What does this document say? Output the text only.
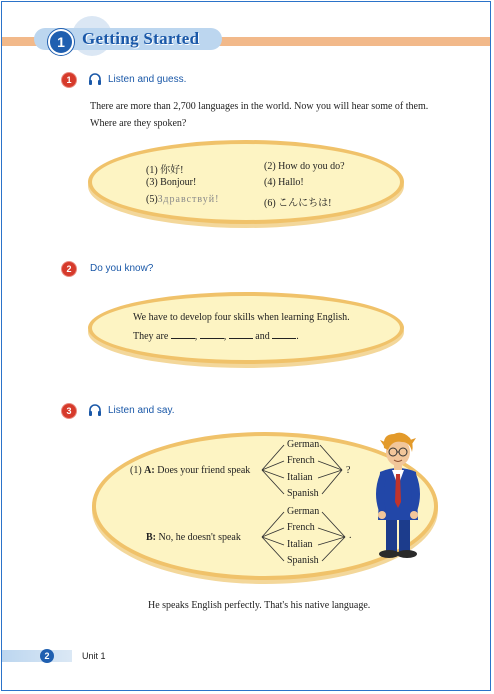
1	Getting Started
1	Listen and guess.
There are more than 2,700 languages in the world. Now you will hear some of them. Where are they spoken?
(1) 你好!	(2) How do you do?
(3) Bonjour!	(4) Hallo!
(5)Здравствуй!	(6) こんにちは!
2	Do you know?
We have to develop four skills when learning English.
They are	,	,	and	.
3	Listen and say.
(1) A: Does your friend speak	?
German
French
Italian
Spanish
B: No, he doesn't speak	.
German
French
Italian
Spanish
He speaks English perfectly. That's his native language.
2	Unit 1
